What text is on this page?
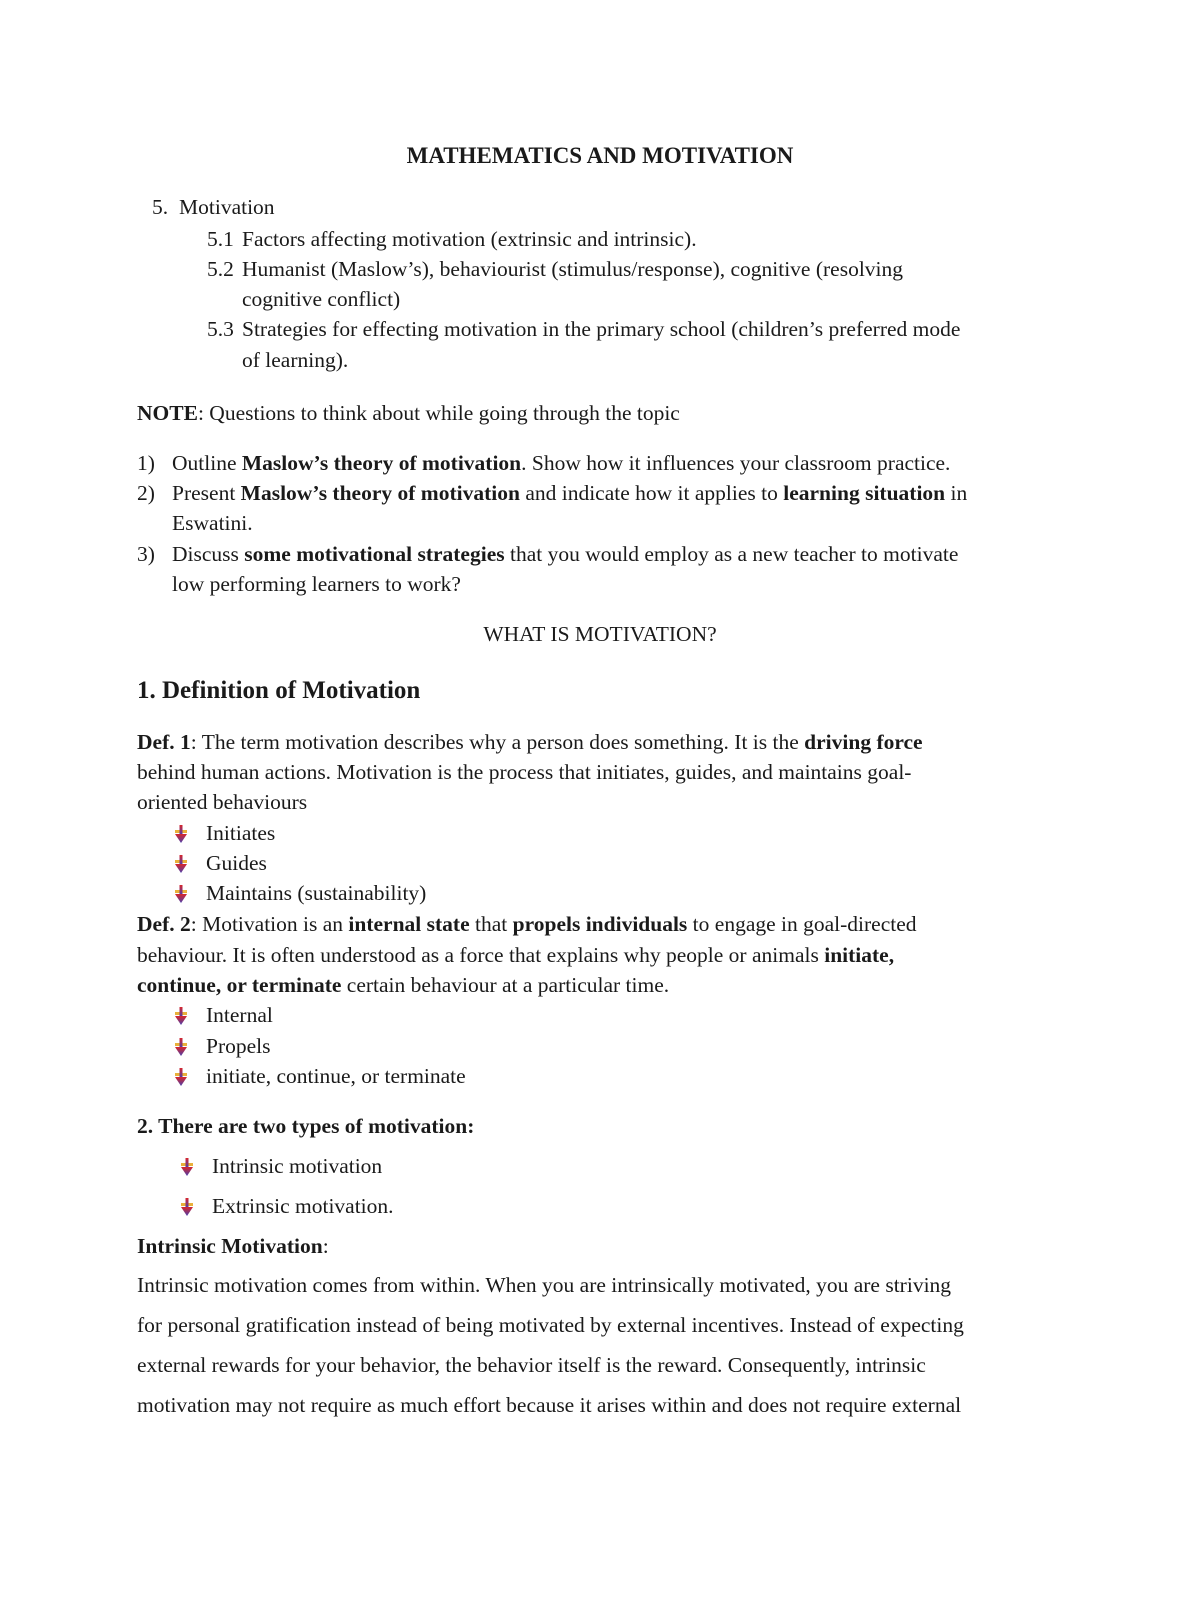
MATHEMATICS AND MOTIVATION
5. Motivation
5.1 Factors affecting motivation (extrinsic and intrinsic).
5.2 Humanist (Maslow’s), behaviourist (stimulus/response), cognitive (resolving
cognitive conflict)
5.3 Strategies for effecting motivation in the primary school (children’s preferred mode
of learning).
NOTE: Questions to think about while going through the topic
1) Outline Maslow’s theory of motivation. Show how it influences your classroom practice.
2) Present Maslow’s theory of motivation and indicate how it applies to learning situation in
Eswatini.
3) Discuss some motivational strategies that you would employ as a new teacher to motivate
low performing learners to work?
WHAT IS MOTIVATION?
1. Definition of Motivation
Def. 1: The term motivation describes why a person does something. It is the driving force
behind human actions. Motivation is the process that initiates, guides, and maintains goal-
oriented behaviours
Initiates
Guides
Maintains (sustainability)
Def. 2: Motivation is an internal state that propels individuals to engage in goal-directed
behaviour. It is often understood as a force that explains why people or animals initiate,
continue, or terminate certain behaviour at a particular time.
Internal
Propels
initiate, continue, or terminate
2. There are two types of motivation:
Intrinsic motivation
Extrinsic motivation.
Intrinsic Motivation:
Intrinsic motivation comes from within. When you are intrinsically motivated, you are striving
for personal gratification instead of being motivated by external incentives. Instead of expecting
external rewards for your behavior, the behavior itself is the reward. Consequently, intrinsic
motivation may not require as much effort because it arises within and does not require external
